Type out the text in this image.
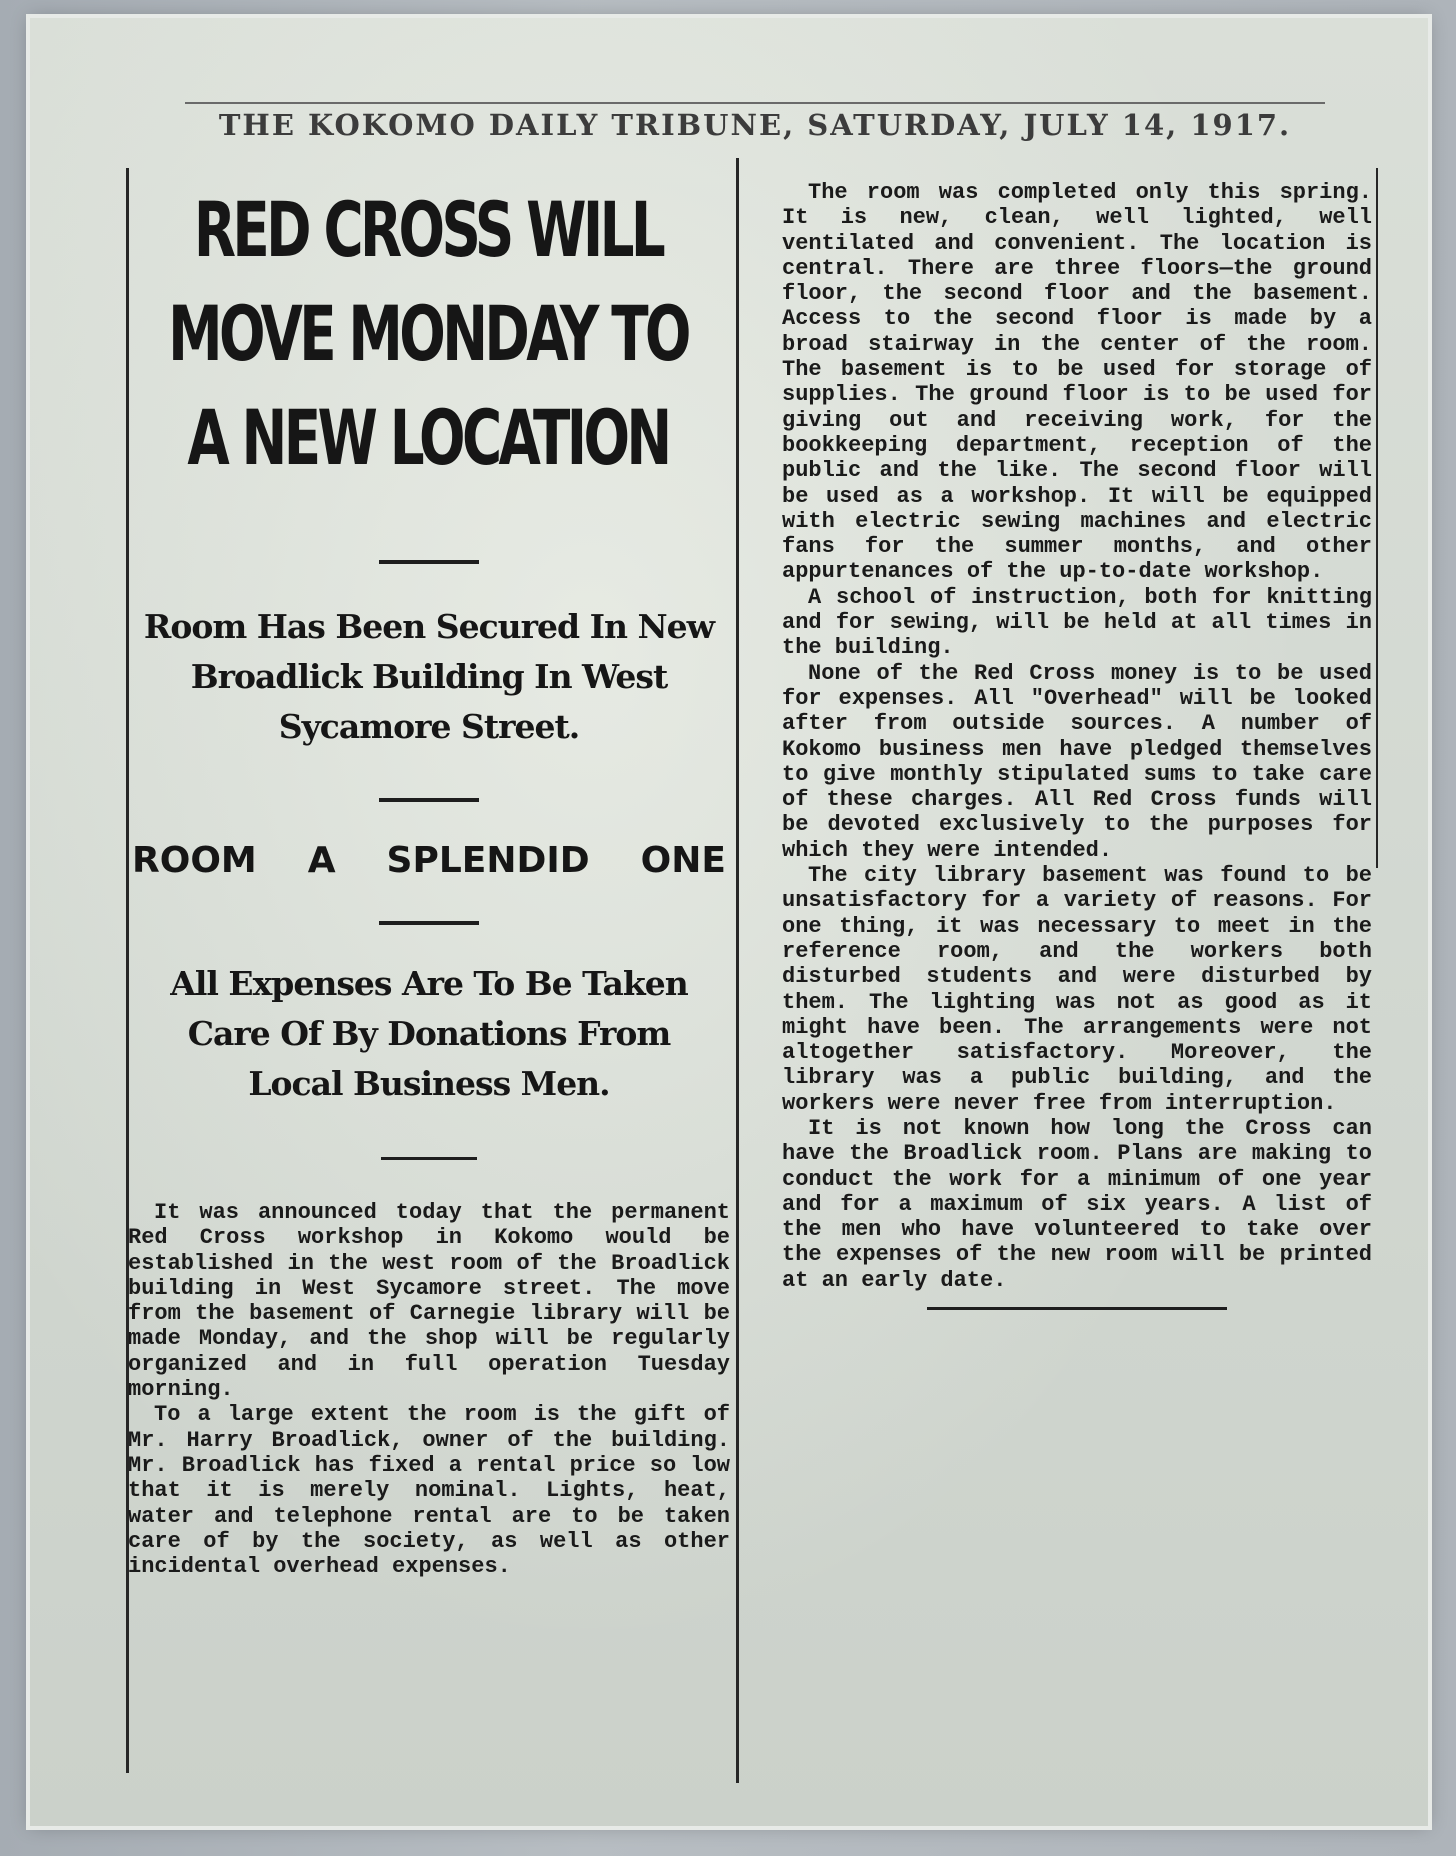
THE KOKOMO DAILY TRIBUNE, SATURDAY, JULY 14, 1917.
RED CROSS WILL
MOVE MONDAY TO
A NEW LOCATION
Room Has Been Secured In New
Broadlick Building In West
Sycamore Street.
ROOM A SPLENDID ONE
All Expenses Are To Be Taken
Care Of By Donations From
Local Business Men.

It was announced today that the permanent Red Cross workshop in Kokomo would be established in the west room of the Broadlick building in West Sycamore street. The move from the basement of Carnegie library will be made Monday, and the shop will be regularly organized and in full operation Tuesday morning.

To a large extent the room is the gift of Mr. Harry Broadlick, owner of the building. Mr. Broadlick has fixed a rental price so low that it is merely nominal. Lights, heat, water and telephone rental are to be taken care of by the society, as well as other incidental overhead expenses.

The room was completed only this spring. It is new, clean, well lighted, well ventilated and convenient. The location is central. There are three floors—the ground floor, the second floor and the basement. Access to the second floor is made by a broad stairway in the center of the room. The basement is to be used for storage of supplies. The ground floor is to be used for giving out and receiving work, for the bookkeeping department, reception of the public and the like. The second floor will be used as a workshop. It will be equipped with electric sewing machines and electric fans for the summer months, and other appurtenances of the up-to-date workshop.

A school of instruction, both for knitting and for sewing, will be held at all times in the building.

None of the Red Cross money is to be used for expenses. All "Overhead" will be looked after from outside sources. A number of Kokomo business men have pledged themselves to give monthly stipulated sums to take care of these charges. All Red Cross funds will be devoted exclusively to the purposes for which they were intended.

The city library basement was found to be unsatisfactory for a variety of reasons. For one thing, it was necessary to meet in the reference room, and the workers both disturbed students and were disturbed by them. The lighting was not as good as it might have been. The arrangements were not altogether satisfactory. Moreover, the library was a public building, and the workers were never free from interruption.

It is not known how long the Cross can have the Broadlick room. Plans are making to conduct the work for a minimum of one year and for a maximum of six years. A list of the men who have volunteered to take over the expenses of the new room will be printed at an early date.
